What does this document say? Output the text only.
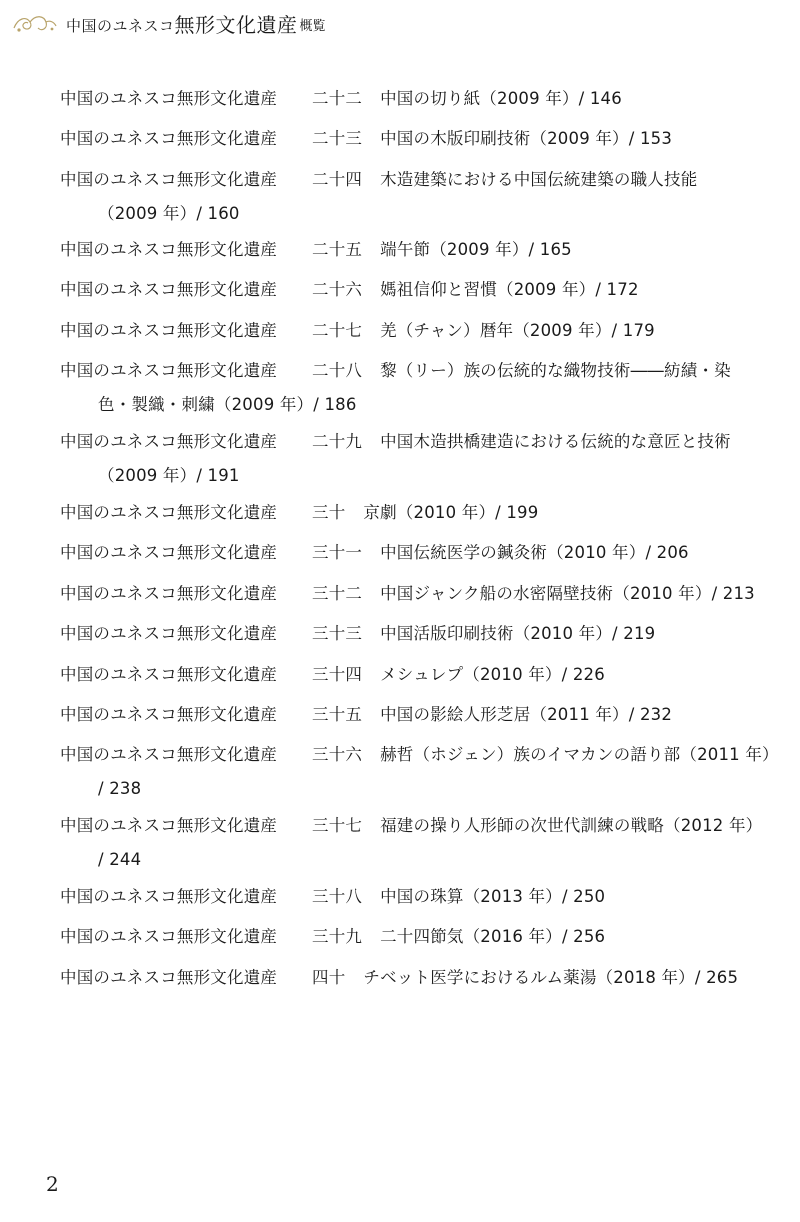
中国のユネスコ 無形文化遺産 概覧
中国のユネスコ無形文化遺産 二十二 中国の切り紙（2009 年）/ 146
中国のユネスコ無形文化遺産 二十三 中国の木版印刷技術（2009 年）/ 153
中国のユネスコ無形文化遺産 二十四 木造建築における中国伝統建築の職人技能
（2009 年）/ 160
中国のユネスコ無形文化遺産 二十五 端午節（2009 年）/ 165
中国のユネスコ無形文化遺産 二十六 媽祖信仰と習慣（2009 年）/ 172
中国のユネスコ無形文化遺産 二十七 羌（チャン）暦年（2009 年）/ 179
中国のユネスコ無形文化遺産 二十八 黎（リー）族の伝統的な織物技術――紡績・染
色・製織・刺繍（2009 年）/ 186
中国のユネスコ無形文化遺産 二十九 中国木造拱橋建造における伝統的な意匠と技術
（2009 年）/ 191
中国のユネスコ無形文化遺産 三十 京劇（2010 年）/ 199
中国のユネスコ無形文化遺産 三十一 中国伝統医学の鍼灸術（2010 年）/ 206
中国のユネスコ無形文化遺産 三十二 中国ジャンク船の水密隔壁技術（2010 年）/ 213
中国のユネスコ無形文化遺産 三十三 中国活版印刷技術（2010 年）/ 219
中国のユネスコ無形文化遺産 三十四 メシュレプ（2010 年）/ 226
中国のユネスコ無形文化遺産 三十五 中国の影絵人形芝居（2011 年）/ 232
中国のユネスコ無形文化遺産 三十六 赫哲（ホジェン）族のイマカンの語り部（2011 年）
/ 238
中国のユネスコ無形文化遺産 三十七 福建の操り人形師の次世代訓練の戦略（2012 年）
/ 244
中国のユネスコ無形文化遺産 三十八 中国の珠算（2013 年）/ 250
中国のユネスコ無形文化遺産 三十九 二十四節気（2016 年）/ 256
中国のユネスコ無形文化遺産 四十 チベット医学におけるルム薬湯（2018 年）/ 265
2
